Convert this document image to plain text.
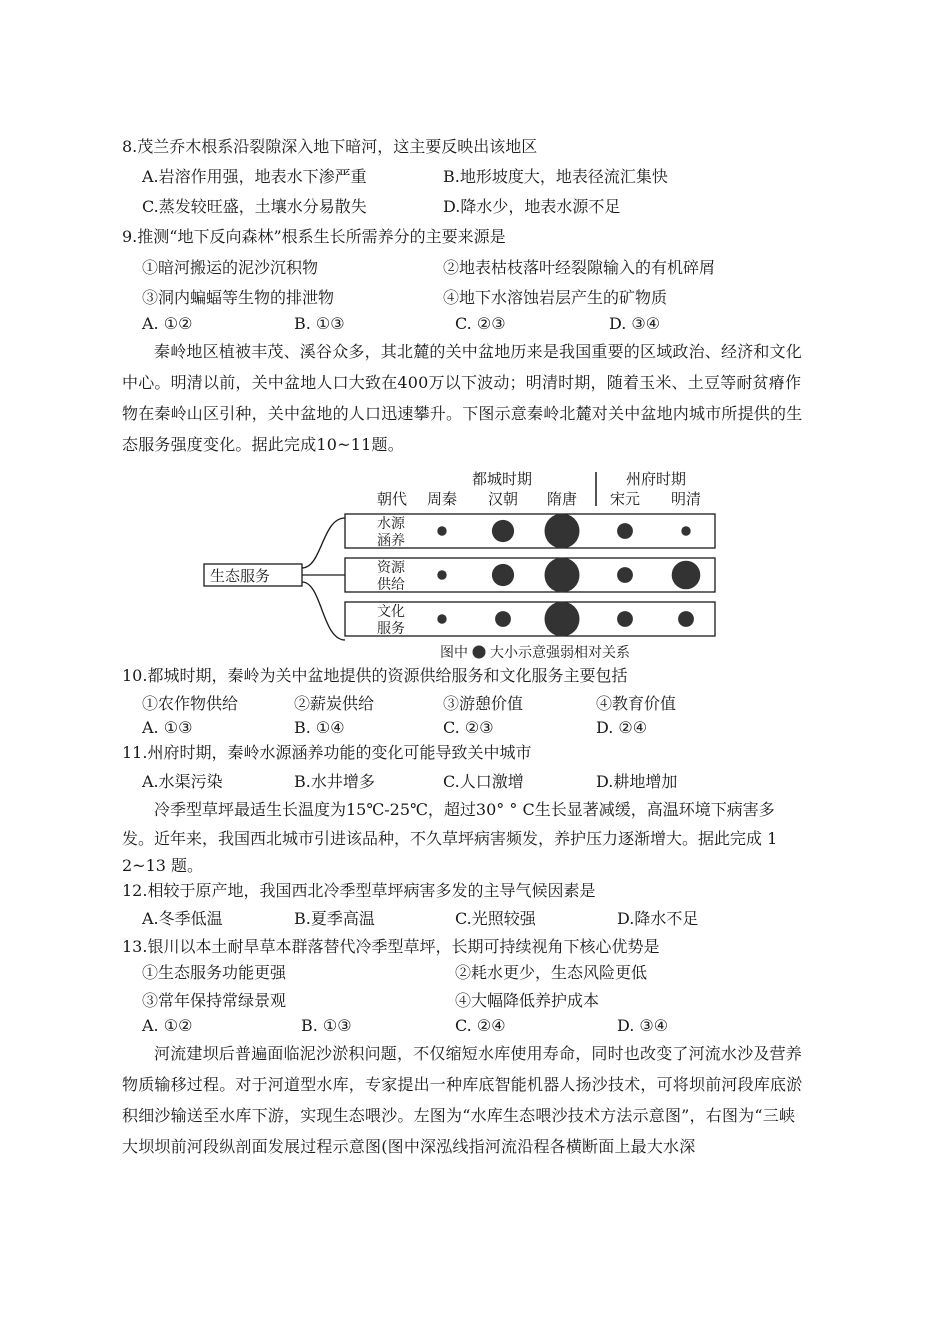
8.茂兰乔木根系沿裂隙深入地下暗河，这主要反映出该地区
A.岩溶作用强，地表水下渗严重	B.地形坡度大，地表径流汇集快
C.蒸发较旺盛，土壤水分易散失	D.降水少，地表水源不足
9.推测“地下反向森林”根系生长所需养分的主要来源是
①暗河搬运的泥沙沉积物	②地表枯枝落叶经裂隙输入的有机碎屑
③洞内蝙蝠等生物的排泄物	④地下水溶蚀岩层产生的矿物质
A. ①②	B. ①③	C. ②③	D. ③④
秦岭地区植被丰茂、溪谷众多，其北麓的关中盆地历来是我国重要的区域政治、经济和文化中心。明清以前，关中盆地人口大致在400万以下波动；明清时期，随着玉米、土豆等耐贫瘠作物在秦岭山区引种，关中盆地的人口迅速攀升。下图示意秦岭北麓对关中盆地内城市所提供的生态服务强度变化。据此完成10~11题。
都城时期	州府时期
朝代 周秦 汉朝 隋唐 宋元 明清
生态服务
水源
涵养
资源
供给
文化
服务
图中 大小示意强弱相对关系
10.都城时期，秦岭为关中盆地提供的资源供给服务和文化服务主要包括
①农作物供给	②薪炭供给	③游憩价值	④教育价值
A. ①③	B. ①④	C. ②③	D. ②④
11.州府时期，秦岭水源涵养功能的变化可能导致关中城市
A.水渠污染	B.水井增多	C.人口激增	D.耕地增加
冷季型草坪最适生长温度为15℃-25℃，超过30° ° C生长显著减缓，高温环境下病害多
发。近年来，我国西北城市引进该品种，不久草坪病害频发，养护压力逐渐增大。据此完成 1
2~13 题。
12.相较于原产地，我国西北冷季型草坪病害多发的主导气候因素是
A.冬季低温	B.夏季高温	C.光照较强	D.降水不足
13.银川以本土耐旱草本群落替代冷季型草坪，长期可持续视角下核心优势是
①生态服务功能更强	②耗水更少，生态风险更低
③常年保持常绿景观	④大幅降低养护成本
A. ①②	B. ①③	C. ②④	D. ③④
河流建坝后普遍面临泥沙淤积问题，不仅缩短水库使用寿命，同时也改变了河流水沙及营养物质输移过程。对于河道型水库，专家提出一种库底智能机器人扬沙技术，可将坝前河段库底淤积细沙输送至水库下游，实现生态喂沙。左图为“水库生态喂沙技术方法示意图”，右图为“三峡大坝坝前河段纵剖面发展过程示意图(图中深泓线指河流沿程各横断面上最大水深
